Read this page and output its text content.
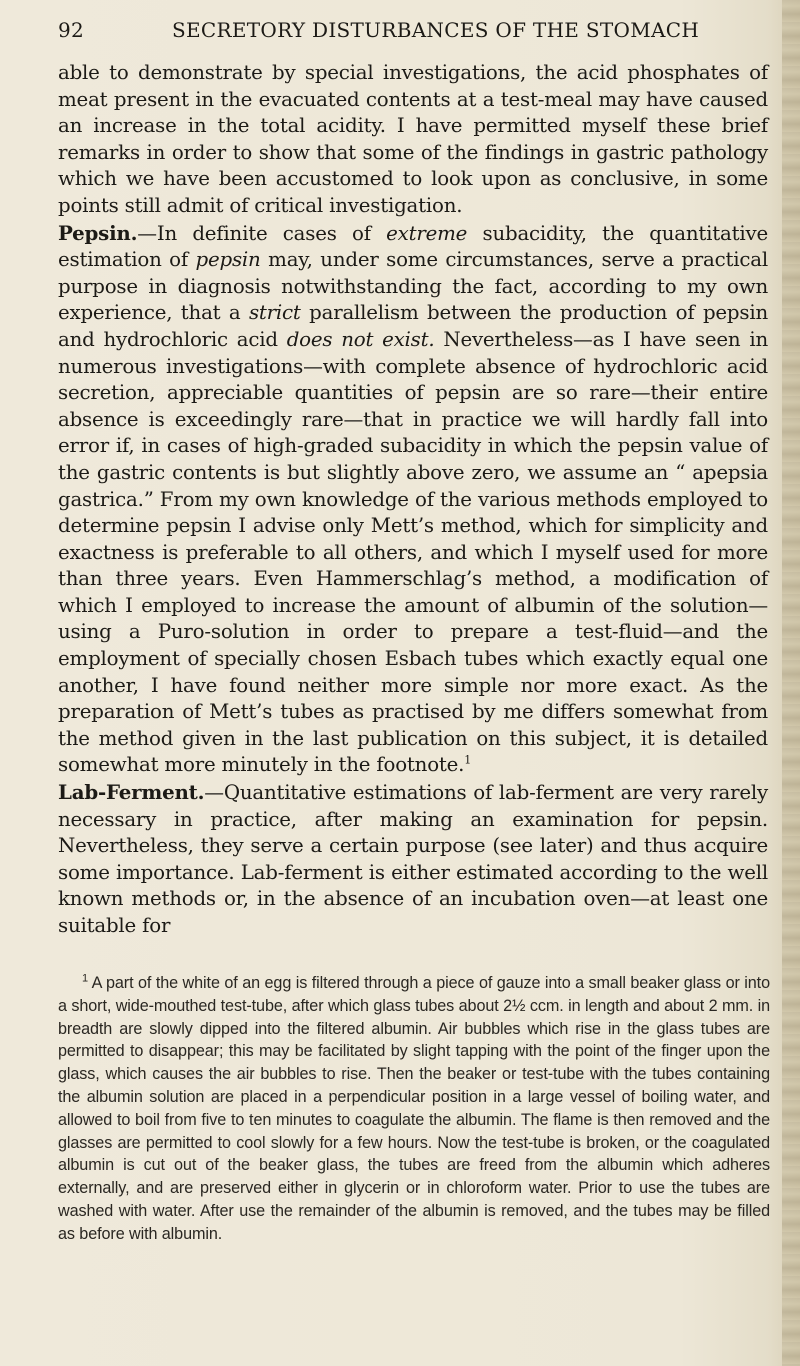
92	SECRETORY DISTURBANCES OF THE STOMACH

able to demonstrate by special investigations, the acid phosphates of meat present in the evacuated contents at a test-meal may have caused an increase in the total acidity. I have permitted myself these brief remarks in order to show that some of the findings in gastric pathology which we have been accustomed to look upon as conclusive, in some points still admit of critical investigation.

Pepsin.—In definite cases of extreme subacidity, the quantitative estimation of pepsin may, under some circumstances, serve a practical purpose in diagnosis notwithstanding the fact, according to my own experience, that a strict parallelism between the production of pepsin and hydrochloric acid does not exist. Nevertheless—as I have seen in numerous investigations—with complete absence of hydrochloric acid secretion, appreciable quantities of pepsin are so rare—their entire absence is exceedingly rare—that in practice we will hardly fall into error if, in cases of high-graded subacidity in which the pepsin value of the gastric contents is but slightly above zero, we assume an “ apepsia gastrica.” From my own knowledge of the various methods employed to determine pepsin I advise only Mett’s method, which for simplicity and exactness is preferable to all others, and which I myself used for more than three years. Even Hammerschlag’s method, a modification of which I employed to increase the amount of albumin of the solution—using a Puro-solution in order to prepare a test-fluid—and the employment of specially chosen Esbach tubes which exactly equal one another, I have found neither more simple nor more exact. As the preparation of Mett’s tubes as practised by me differs somewhat from the method given in the last publication on this subject, it is detailed somewhat more minutely in the footnote.$^1$

Lab-Ferment.—Quantitative estimations of lab-ferment are very rarely necessary in practice, after making an examination for pepsin. Nevertheless, they serve a certain purpose (see later) and thus acquire some importance. Lab-ferment is either estimated according to the well known methods or, in the absence of an incubation oven—at least one suitable for

$^1$ A part of the white of an egg is filtered through a piece of gauze into a small beaker glass or into a short, wide-mouthed test-tube, after which glass tubes about 2½ ccm. in length and about 2 mm. in breadth are slowly dipped into the filtered albumin. Air bubbles which rise in the glass tubes are permitted to disappear; this may be facilitated by slight tapping with the point of the finger upon the glass, which causes the air bubbles to rise. Then the beaker or test-tube with the tubes containing the albumin solution are placed in a perpendicular position in a large vessel of boiling water, and allowed to boil from five to ten minutes to coagulate the albumin. The flame is then removed and the glasses are permitted to cool slowly for a few hours. Now the test-tube is broken, or the coagulated albumin is cut out of the beaker glass, the tubes are freed from the albumin which adheres externally, and are preserved either in glycerin or in chloroform water. Prior to use the tubes are washed with water. After use the remainder of the albumin is removed, and the tubes may be filled as before with albumin.
